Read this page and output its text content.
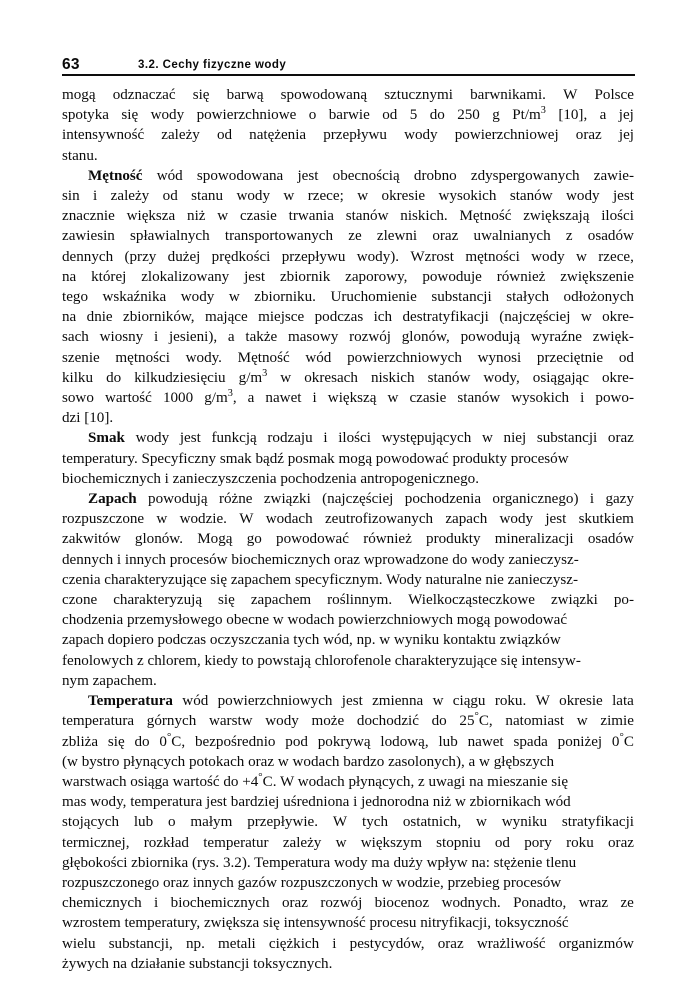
63	3.2. Cechy fizyczne wody

mogą odznaczać się barwą spowodowaną sztucznymi barwnikami. W Polsce
spotyka się wody powierzchniowe o barwie od 5 do 250 g $Pt/m^3$ [10], a jej
intensywność zależy od natężenia przepływu wody powierzchniowej oraz jej
stanu.

Mętność wód spowodowana jest obecnością drobno zdyspergowanych zawie-
sin i zależy od stanu wody w rzece; w okresie wysokich stanów wody jest
znacznie większa niż w czasie trwania stanów niskich. Mętność zwiększają ilości
zawiesin spławialnych transportowanych ze zlewni oraz uwalnianych z osadów
dennych (przy dużej prędkości przepływu wody). Wzrost mętności wody w rzece,
na której zlokalizowany jest zbiornik zaporowy, powoduje również zwiększenie
tego wskaźnika wody w zbiorniku. Uruchomienie substancji stałych odłożonych
na dnie zbiorników, mające miejsce podczas ich destratyfikacji (najczęściej w okre-
sach wiosny i jesieni), a także masowy rozwój glonów, powodują wyraźne zwięk-
szenie mętności wody. Mętność wód powierzchniowych wynosi przeciętnie od
kilku do kilkudziesięciu $g/m^3$ w okresach niskich stanów wody, osiągając okre-
sowo wartość 1000 $g/m^3$, a nawet i większą w czasie stanów wysokich i powo-
dzi [10].

Smak wody jest funkcją rodzaju i ilości występujących w niej substancji oraz
temperatury. Specyficzny smak bądź posmak mogą powodować produkty procesów
biochemicznych i zanieczyszczenia pochodzenia antropogenicznego.

Zapach powodują różne związki (najczęściej pochodzenia organicznego) i gazy
rozpuszczone w wodzie. W wodach zeutrofizowanych zapach wody jest skutkiem
zakwitów glonów. Mogą go powodować również produkty mineralizacji osadów
dennych i innych procesów biochemicznych oraz wprowadzone do wody zanieczysz-
czenia charakteryzujące się zapachem specyficznym. Wody naturalne nie zanieczysz-
czone charakteryzują się zapachem roślinnym. Wielkocząsteczkowe związki po-
chodzenia przemysłowego obecne w wodach powierzchniowych mogą powodować
zapach dopiero podczas oczyszczania tych wód, np. w wyniku kontaktu związków
fenolowych z chlorem, kiedy to powstają chlorofenole charakteryzujące się intensyw-
nym zapachem.

Temperatura wód powierzchniowych jest zmienna w ciągu roku. W okresie lata
temperatura górnych warstw wody może dochodzić do 25°C, natomiast w zimie
zbliża się do 0°C, bezpośrednio pod pokrywą lodową, lub nawet spada poniżej 0°C
(w bystro płynących potokach oraz w wodach bardzo zasolonych), a w głębszych
warstwach osiąga wartość do +4°C. W wodach płynących, z uwagi na mieszanie się
mas wody, temperatura jest bardziej uśredniona i jednorodna niż w zbiornikach wód
stojących lub o małym przepływie. W tych ostatnich, w wyniku stratyfikacji
termicznej, rozkład temperatur zależy w większym stopniu od pory roku oraz
głębokości zbiornika (rys. 3.2). Temperatura wody ma duży wpływ na: stężenie tlenu
rozpuszczonego oraz innych gazów rozpuszczonych w wodzie, przebieg procesów
chemicznych i biochemicznych oraz rozwój biocenoz wodnych. Ponadto, wraz ze
wzrostem temperatury, zwiększa się intensywność procesu nitryfikacji, toksyczność
wielu substancji, np. metali ciężkich i pestycydów, oraz wrażliwość organizmów
żywych na działanie substancji toksycznych.
